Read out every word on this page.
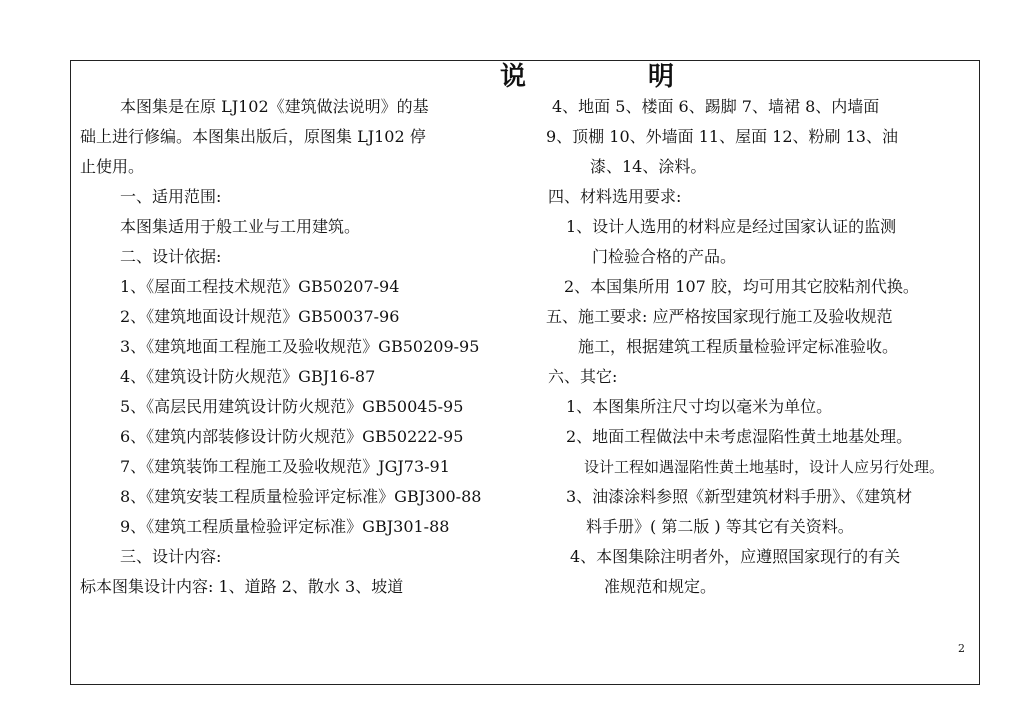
说　明
本图集是在原 LJ102《建筑做法说明》的基
础上进行修编。本图集出版后，原图集 LJ102 停
止使用。
一、适用范围:
本图集适用于般工业与工用建筑。
二、设计依据:
1、《屋面工程技术规范》GB50207-94
2、《建筑地面设计规范》GB50037-96
3、《建筑地面工程施工及验收规范》GB50209-95
4、《建筑设计防火规范》GBJ16-87
5、《高层民用建筑设计防火规范》GB50045-95
6、《建筑内部装修设计防火规范》GB50222-95
7、《建筑装饰工程施工及验收规范》JGJ73-91
8、《建筑安装工程质量检验评定标准》GBJ300-88
9、《建筑工程质量检验评定标准》GBJ301-88
三、设计内容:
标本图集设计内容: 1、道路 2、散水 3、坡道
4、地面 5、楼面 6、踢脚 7、墙裙 8、内墙面
9、顶棚 10、外墙面 11、屋面 12、粉刷 13、油
漆、14、涂料。
四、材料选用要求:
1、设计人选用的材料应是经过国家认证的监测
门检验合格的产品。
2、本国集所用 107 胶，均可用其它胶粘剂代换。
五、施工要求: 应严格按国家现行施工及验收规范
施工，根据建筑工程质量检验评定标准验收。
六、其它:
1、本图集所注尺寸均以毫米为单位。
2、地面工程做法中未考虑湿陷性黄土地基处理。
设计工程如遇湿陷性黄土地基时，设计人应另行处理。
3、油漆涂料参照《新型建筑材料手册》、《建筑材
料手册》( 第二版 ) 等其它有关资料。
4、本图集除注明者外，应遵照国家现行的有关
准规范和规定。
2
